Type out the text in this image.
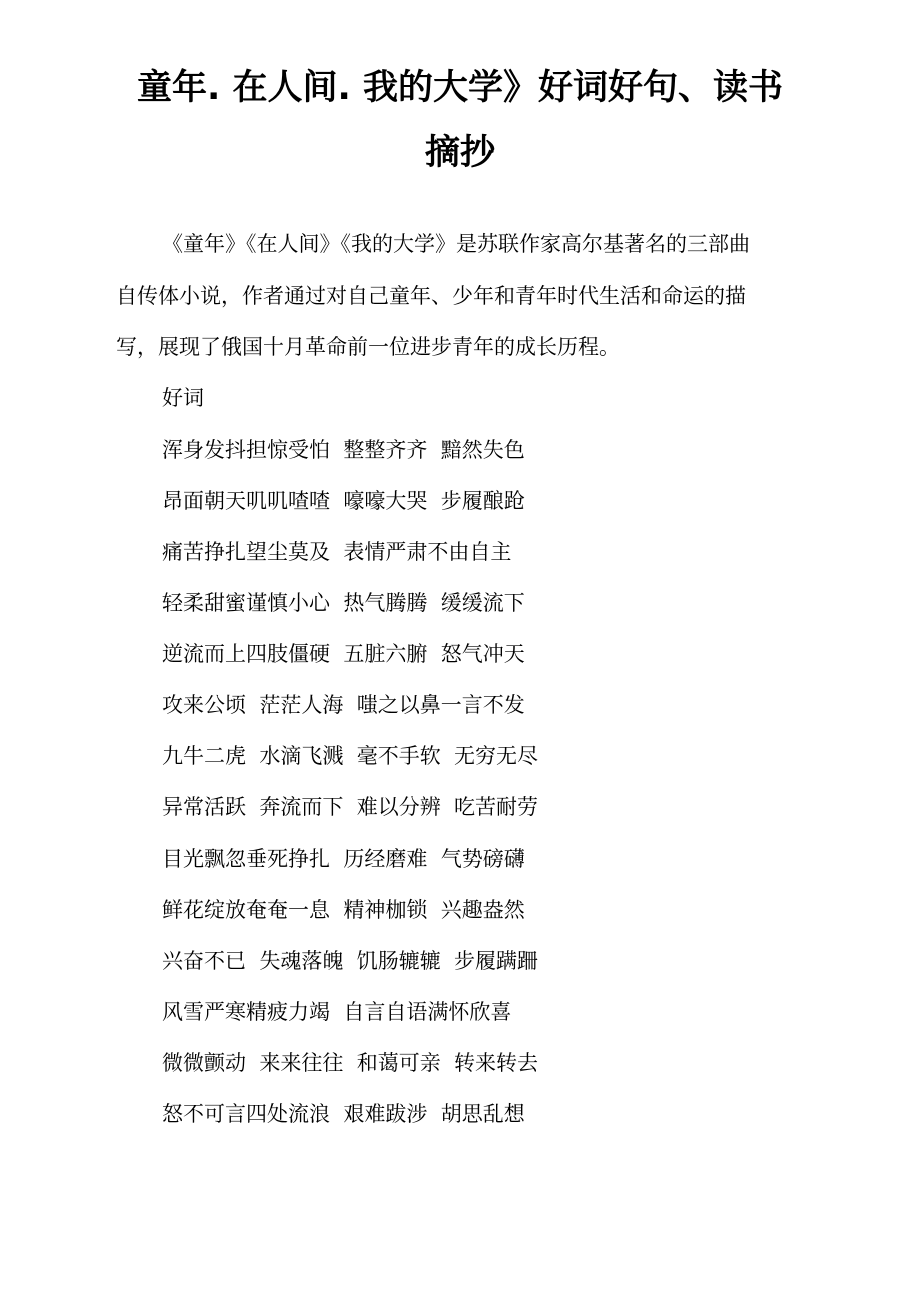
童年. 在人间. 我的大学》好词好句、读书
摘抄
《童年》《在人间》《我的大学》是苏联作家高尔基著名的三部曲
自传体小说，作者通过对自己童年、少年和青年时代生活和命运的描
写，展现了俄国十月革命前一位进步青年的成长历程。
好词
浑身发抖担惊受怕  整整齐齐  黯然失色
昂面朝天叽叽喳喳  嚎嚎大哭  步履酿跄
痛苦挣扎望尘莫及  表情严肃不由自主
轻柔甜蜜谨慎小心  热气腾腾  缓缓流下
逆流而上四肢僵硬  五脏六腑  怒气冲天
攻来公顷  茫茫人海  嗤之以鼻一言不发
九牛二虎  水滴飞溅  毫不手软  无穷无尽
异常活跃  奔流而下  难以分辨  吃苦耐劳
目光飘忽垂死挣扎  历经磨难  气势磅礴
鲜花绽放奄奄一息  精神枷锁  兴趣盎然
兴奋不已  失魂落魄  饥肠辘辘  步履蹒跚
风雪严寒精疲力竭  自言自语满怀欣喜
微微颤动  来来往往  和蔼可亲  转来转去
怒不可言四处流浪  艰难跋涉  胡思乱想
